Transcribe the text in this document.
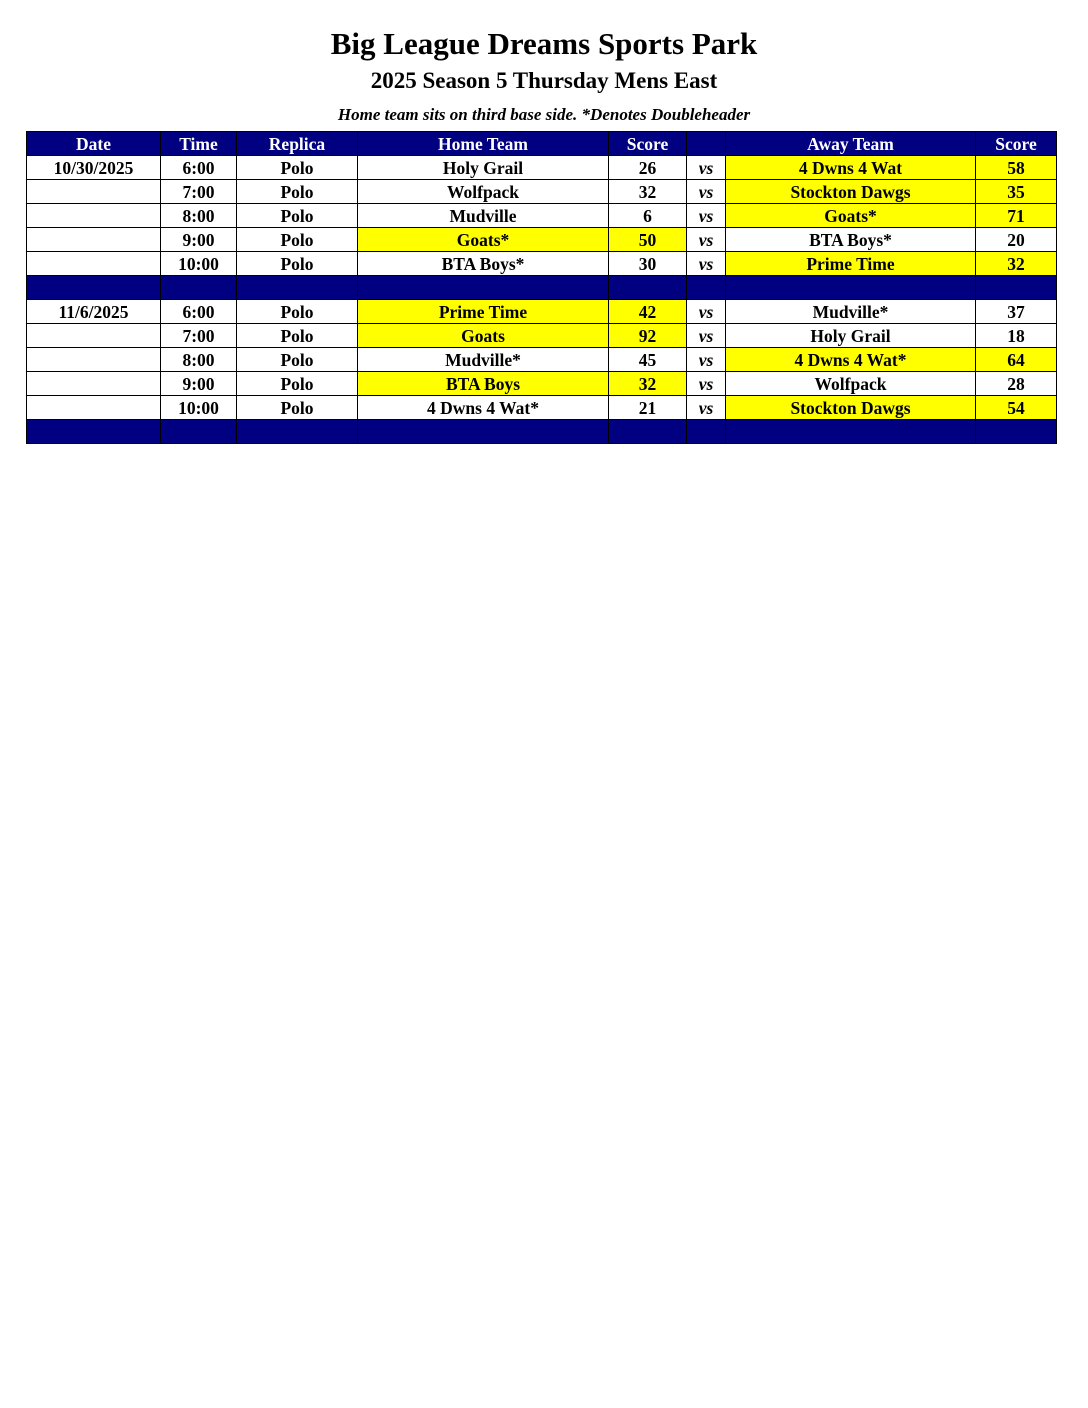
Big League Dreams Sports Park
2025 Season 5 Thursday Mens East
Home team sits on third base side. *Denotes Doubleheader
Date	Time	Replica	Home Team	Score		Away Team	Score
10/30/2025	6:00	Polo	Holy Grail	26	vs	4 Dwns 4 Wat	58
	7:00	Polo	Wolfpack	32	vs	Stockton Dawgs	35
	8:00	Polo	Mudville	6	vs	Goats*	71
	9:00	Polo	Goats*	50	vs	BTA Boys*	20
	10:00	Polo	BTA Boys*	30	vs	Prime Time	32

11/6/2025	6:00	Polo	Prime Time	42	vs	Mudville*	37
	7:00	Polo	Goats	92	vs	Holy Grail	18
	8:00	Polo	Mudville*	45	vs	4 Dwns 4 Wat*	64
	9:00	Polo	BTA Boys	32	vs	Wolfpack	28
	10:00	Polo	4 Dwns 4 Wat*	21	vs	Stockton Dawgs	54
